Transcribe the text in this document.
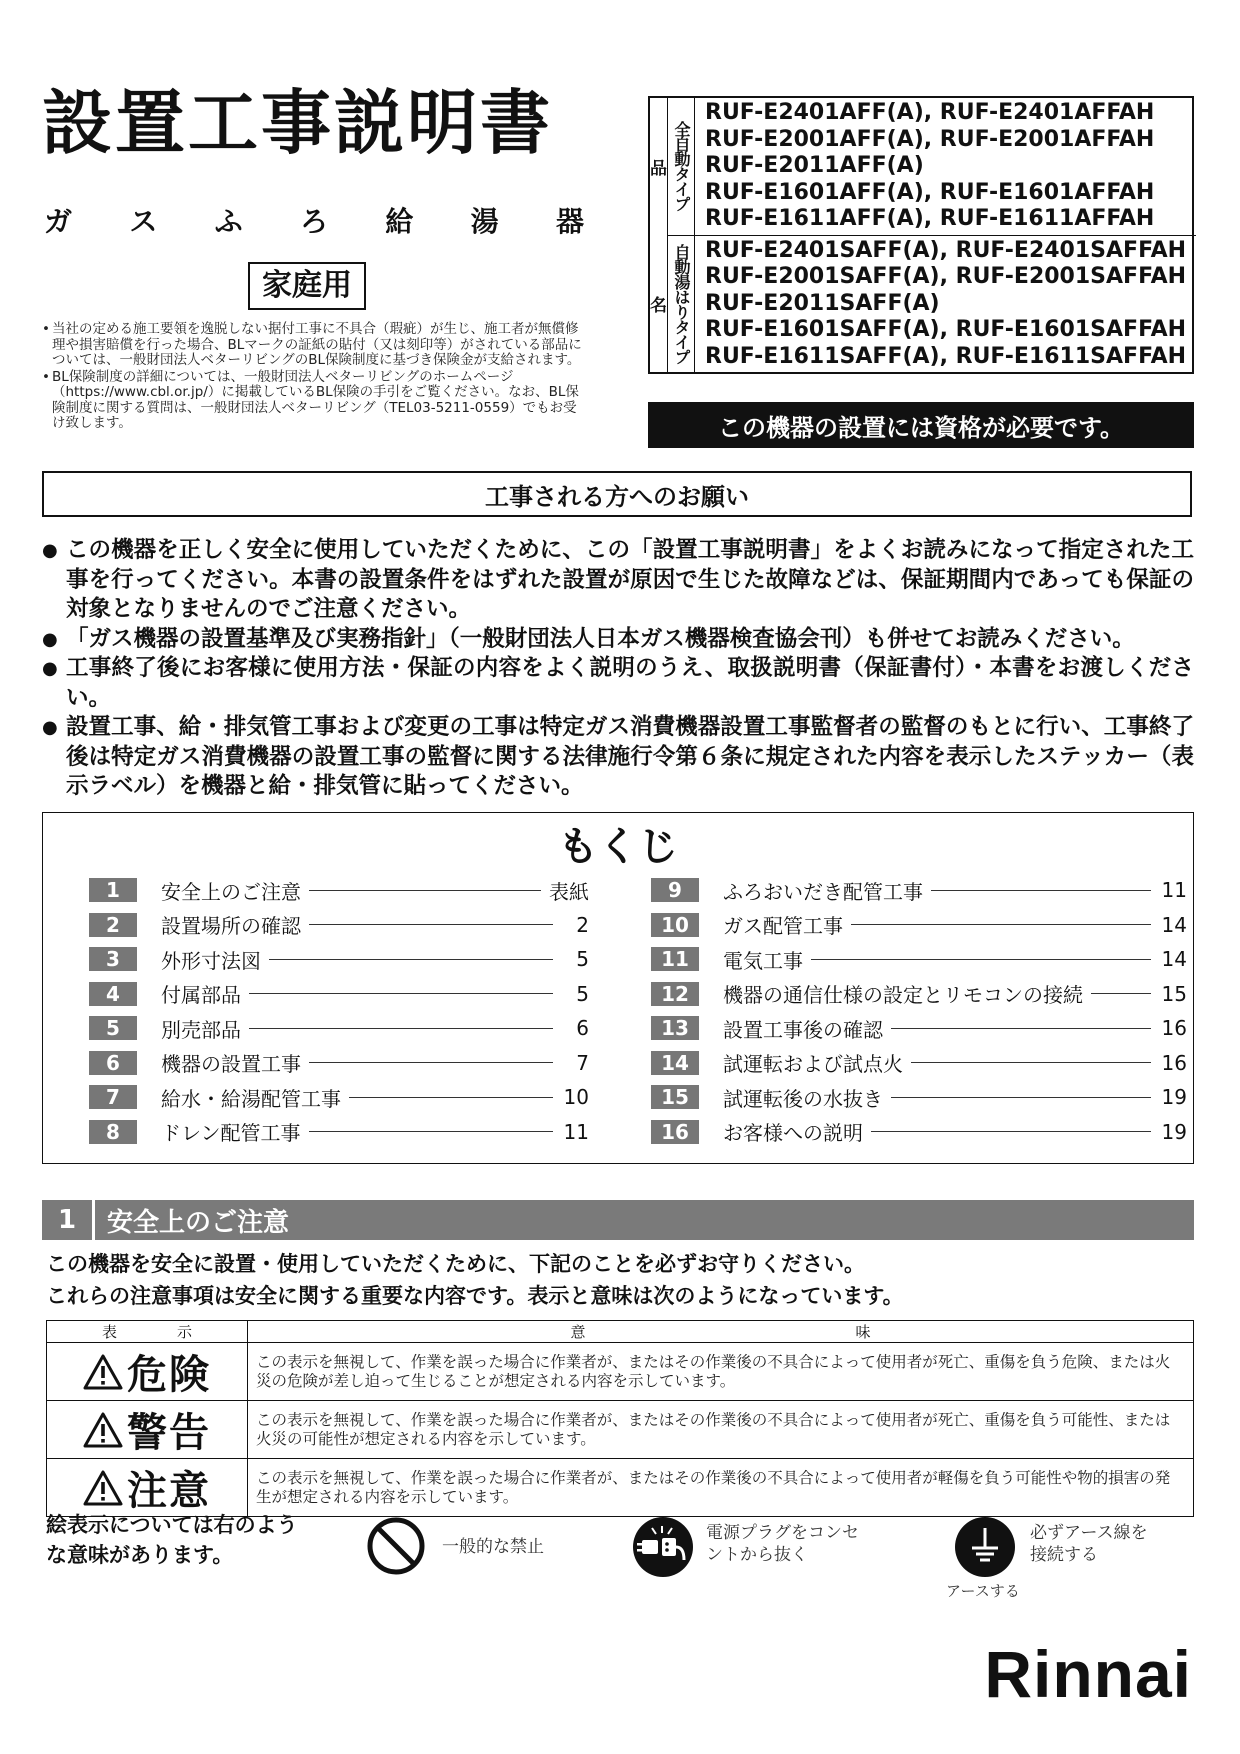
設置工事説明書
ガ ス ふ ろ 給 湯 器
家庭用
• 当社の定める施工要領を逸脱しない据付工事に不具合（瑕疵）が生じ、施工者が無償修理や損害賠償を行った場合、BLマークの証紙の貼付（又は刻印等）がされている部品については、一般財団法人ベターリビングのBL保険制度に基づき保険金が支給されます。
• BL保険制度の詳細については、一般財団法人ベターリビングのホームページ（https://www.cbl.or.jp/）に掲載しているBL保険の手引をご覧ください。なお、BL保険制度に関する質問は、一般財団法人ベターリビング（TEL03-5211-0559）でもお受け致します。
品
名
全自動タイプ
RUF-E2401AFF(A), RUF-E2401AFFAH
RUF-E2001AFF(A), RUF-E2001AFFAH
RUF-E2011AFF(A)
RUF-E1601AFF(A), RUF-E1601AFFAH
RUF-E1611AFF(A), RUF-E1611AFFAH
自動湯はりタイプ RUF-E2401SAFF(A), RUF-E2401SAFFAH
RUF-E2001SAFF(A), RUF-E2001SAFFAH
RUF-E2011SAFF(A)
RUF-E1601SAFF(A), RUF-E1601SAFFAH
RUF-E1611SAFF(A), RUF-E1611SAFFAH
この機器の設置には資格が必要です。
工事される方へのお願い
● この機器を正しく安全に使用していただくために、この「設置工事説明書」をよくお読みになって指定された工事を行ってください。本書の設置条件をはずれた設置が原因で生じた故障などは、保証期間内であっても保証の対象となりませんのでご注意ください。
● 「ガス機器の設置基準及び実務指針」（一般財団法人日本ガス機器検査協会刊）も併せてお読みください。
● 工事終了後にお客様に使用方法・保証の内容をよく説明のうえ、取扱説明書（保証書付）・本書をお渡しください。
● 設置工事、給・排気管工事および変更の工事は特定ガス消費機器設置工事監督者の監督のもとに行い、工事終了後は特定ガス消費機器の設置工事の監督に関する法律施行令第６条に規定された内容を表示したステッカー（表示ラベル）を機器と給・排気管に貼ってください。
もくじ
1	安全上のご注意	表紙
2	設置場所の確認	2
3	外形寸法図	5
4	付属部品	5
5	別売部品	6
6	機器の設置工事	7
7	給水・給湯配管工事	10
8	ドレン配管工事	11
9	ふろおいだき配管工事	11
10	ガス配管工事	14
11	電気工事	14
12	機器の通信仕様の設定とリモコンの接続	15
13	設置工事後の確認	16
14	試運転および試点火	16
15	試運転後の水抜き	19
16	お客様への説明	19
1	安全上のご注意
この機器を安全に設置・使用していただくために、下記のことを必ずお守りください。
これらの注意事項は安全に関する重要な内容です。表示と意味は次のようになっています。
表　　　　示	意　　　　　　　　　　　　　　　　　　味

危険	この表示を無視して、作業を誤った場合に作業者が、またはその作業後の不具合によって使用者が死亡、重傷を負う危険、または火災の危険が差し迫って生じることが想定される内容を示しています。

警告	この表示を無視して、作業を誤った場合に作業者が、またはその作業後の不具合によって使用者が死亡、重傷を負う可能性、または火災の可能性が想定される内容を示しています。

注意	この表示を無視して、作業を誤った場合に作業者が、またはその作業後の不具合によって使用者が軽傷を負う可能性や物的損害の発生が想定される内容を示しています。
絵表示については右のよう
な意味があります。	一般的な禁止
電源プラグをコンセ
ントから抜く
必ずアース線を
接続する
アースする
Rinnai
